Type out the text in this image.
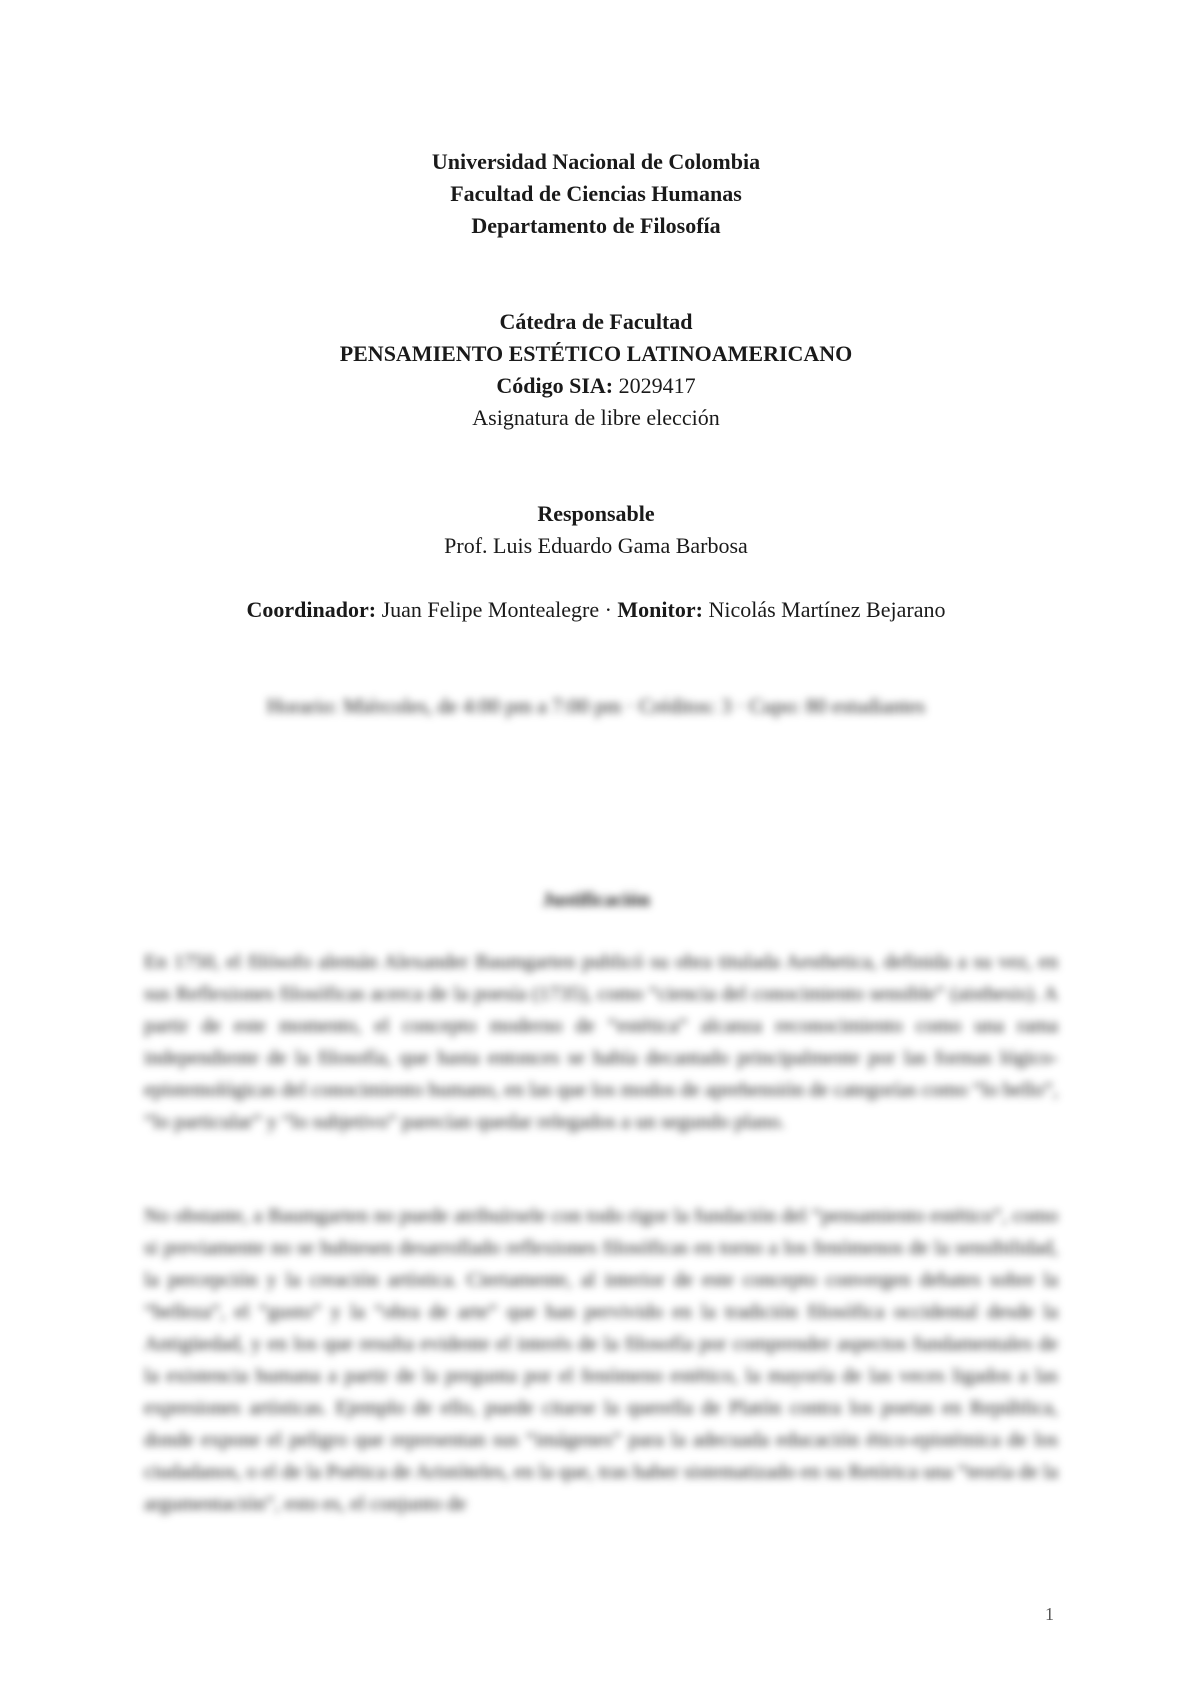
Universidad Nacional de Colombia
Facultad de Ciencias Humanas
Departamento de Filosofía
Cátedra de Facultad
PENSAMIENTO ESTÉTICO LATINOAMERICANO
Código SIA: 2029417
Asignatura de libre elección
Responsable
Prof. Luis Eduardo Gama Barbosa
Coordinador: Juan Felipe Montealegre · Monitor: Nicolás Martínez Bejarano
Horario: Miércoles, de 4:00 pm a 7:00 pm · Créditos: 3 · Cupo: 80 estudiantes
Justificación
En 1750, el filósofo alemán Alexander Baumgarten publicó su obra titulada Aesthetica, definida a su vez, en sus Reflexiones filosóficas acerca de la poesía (1735), como “ciencia del conocimiento sensible” (aisthesis). A partir de este momento, el concepto moderno de “estética” alcanza reconocimiento como una rama independiente de la filosofía, que hasta entonces se había decantado principalmente por las formas lógico-epistemológicas del conocimiento humano, en las que los modos de aprehensión de categorías como “lo bello”, “lo particular” y “lo subjetivo” parecían quedar relegados a un segundo plano.
No obstante, a Baumgarten no puede atribuírsele con todo rigor la fundación del “pensamiento estético”, como si previamente no se hubiesen desarrollado reflexiones filosóficas en torno a los fenómenos de la sensibilidad, la percepción y la creación artística. Ciertamente, al interior de este concepto convergen debates sobre la “belleza”, el “gusto” y la “obra de arte” que han pervivido en la tradición filosófica occidental desde la Antigüedad, y en los que resulta evidente el interés de la filosofía por comprender aspectos fundamentales de la existencia humana a partir de la pregunta por el fenómeno estético, la mayoría de las veces ligados a las expresiones artísticas. Ejemplo de ello, puede citarse la querella de Platón contra los poetas en República, donde expone el peligro que representan sus “imágenes” para la adecuada educación ético-epistémica de los ciudadanos, o el de la Poética de Aristóteles, en la que, tras haber sistematizado en su Retórica una “teoría de la argumentación”, esto es, el conjunto de
1
